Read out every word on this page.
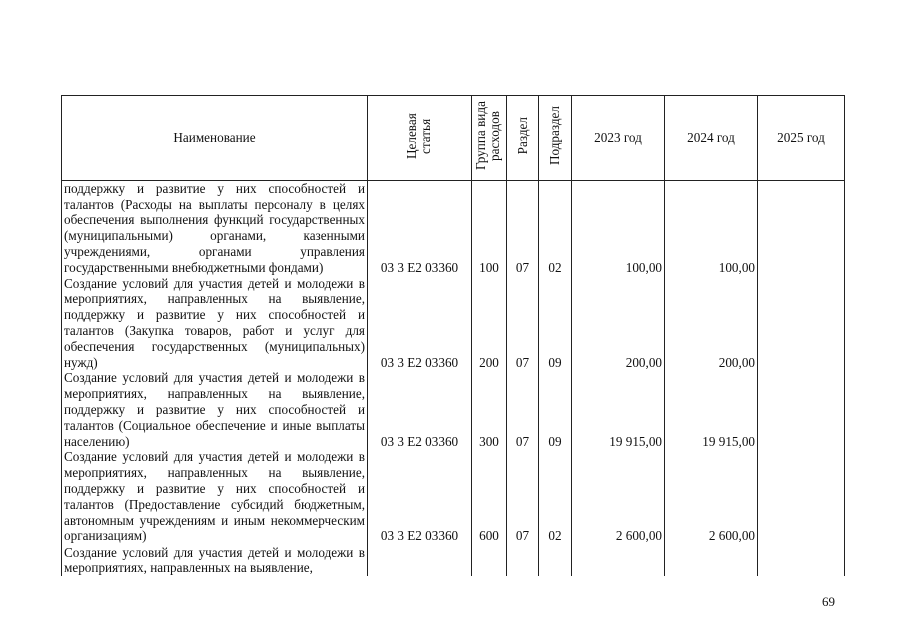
Наименование	Целевая статья	Группа вида расходов	Раздел	Подраздел	2023 год	2024 год	2025 год
поддержку и развитие у них способностей и талантов (Расходы на выплаты персоналу в целях обеспечения выполнения функций государственных (муниципальными) органами, казенными учреждениями, органами управления государственными внебюджетными фондами)	03 3 E2 03360	100	07	02	100,00	100,00	
Создание условий для участия детей и молодежи в мероприятиях, направленных на выявление, поддержку и развитие у них способностей и талантов (Закупка товаров, работ и услуг для обеспечения государственных (муниципальных) нужд)	03 3 E2 03360	200	07	09	200,00	200,00	
Создание условий для участия детей и молодежи в мероприятиях, направленных на выявление, поддержку и развитие у них способностей и талантов (Социальное обеспечение и иные выплаты населению)	03 3 E2 03360	300	07	09	19 915,00	19 915,00	
Создание условий для участия детей и молодежи в мероприятиях, направленных на выявление, поддержку и развитие у них способностей и талантов (Предоставление субсидий бюджетным, автономным учреждениям и иным некоммерческим организациям)	03 3 E2 03360	600	07	02	2 600,00	2 600,00	
Создание условий для участия детей и молодежи в мероприятиях, направленных на выявление,							
69
